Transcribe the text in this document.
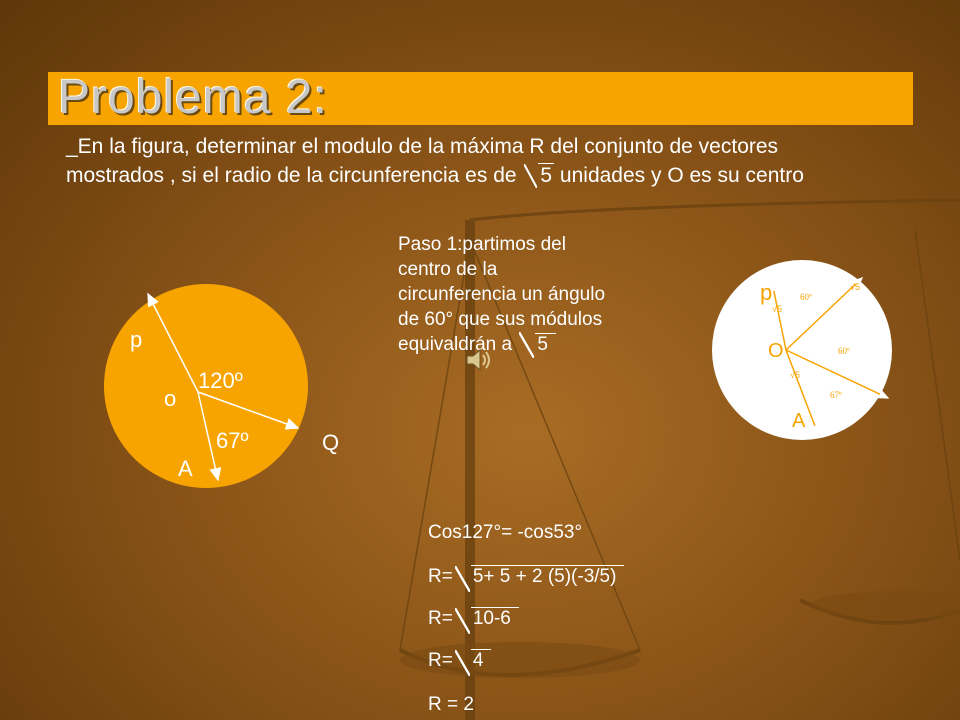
Problema 2:
_En la figura, determinar el modulo de la máxima R del conjunto de vectores
mostrados , si el radio de la circunferencia es de 5 unidades y O es su centro
p
o
120º
67º
A
Q
Paso 1:partimos del centro de la circunferencia un ángulo de 60° que sus módulos equivaldrán a 5
p
O
A
60º
60º
67º
√5
√5
√5
Cos127°= -cos53°
R= 5+ 5 + 2 (5)(-3/5)
R= 10-6
R= 4
R = 2
